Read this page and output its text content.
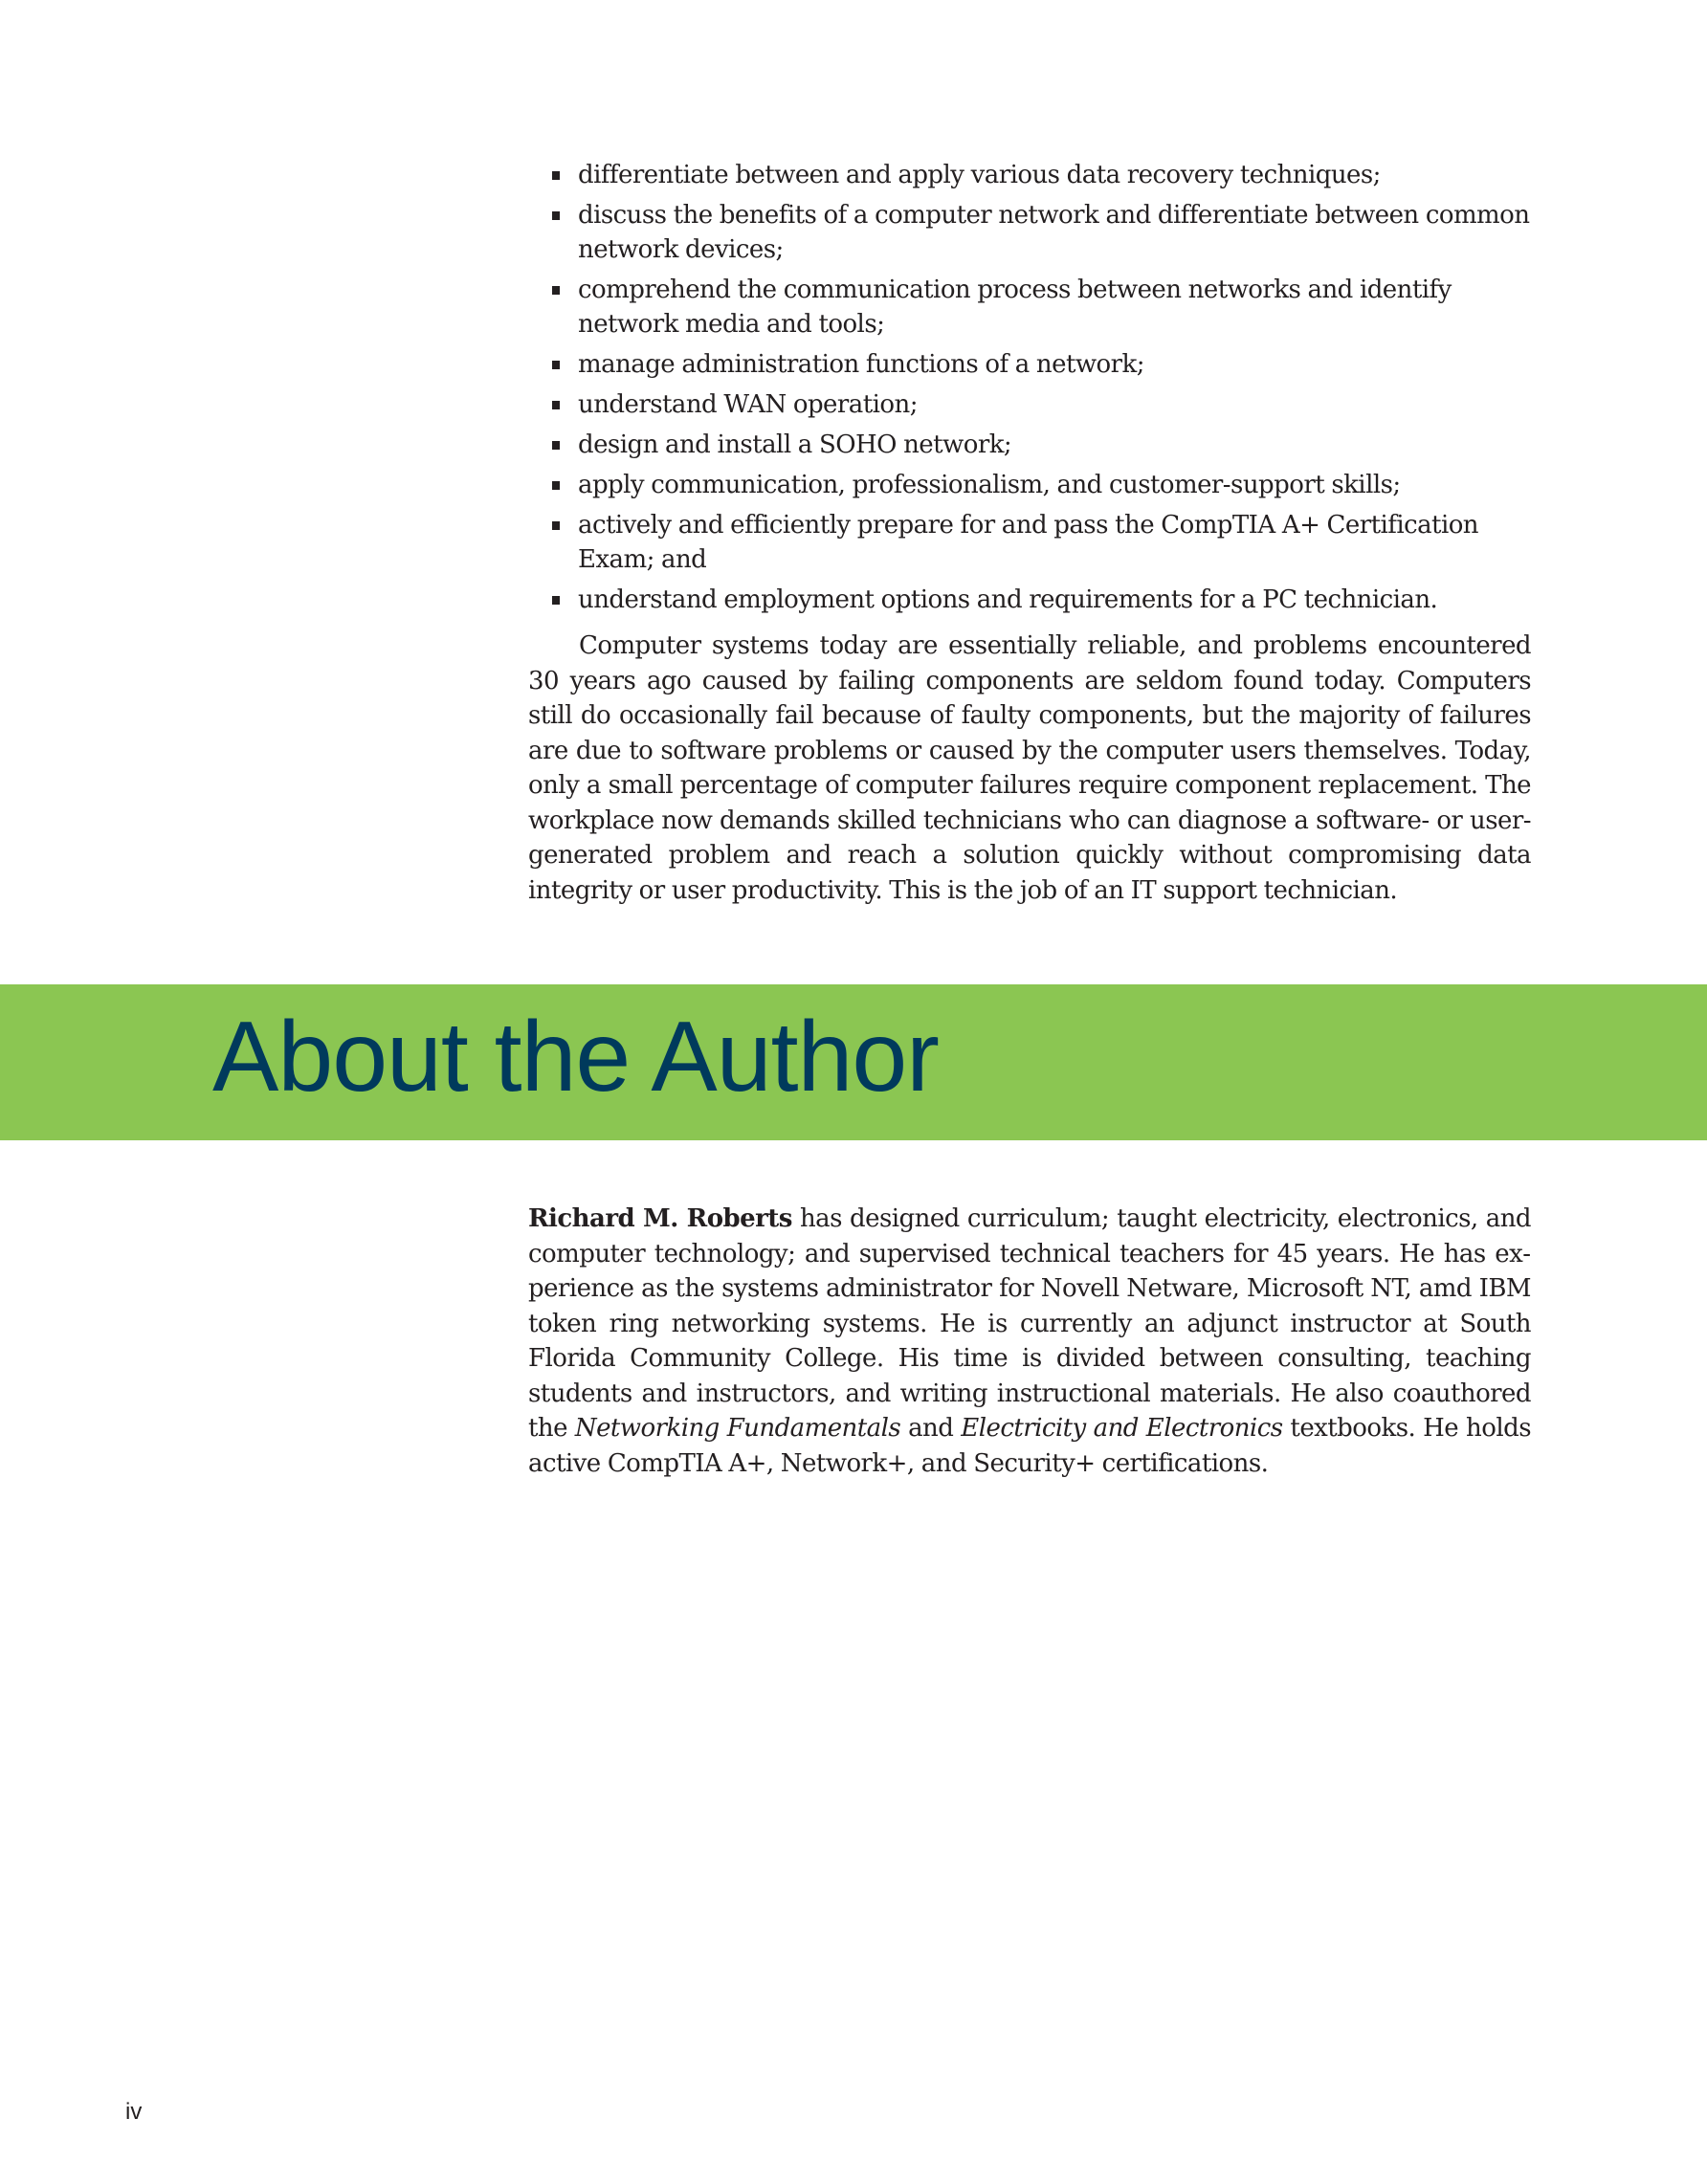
differentiate between and apply various data recovery techniques;
discuss the benefits of a computer network and differentiate between common network devices;
comprehend the communication process between networks and identify network media and tools;
manage administration functions of a network;
understand WAN operation;
design and install a SOHO network;
apply communication, professionalism, and customer-support skills;
actively and efficiently prepare for and pass the CompTIA A+ Certification Exam; and
understand employment options and requirements for a PC technician.

Computer systems today are essentially reliable, and problems encountered 30 years ago caused by failing components are seldom found today. Computers still do occasionally fail because of faulty components, but the majority of failures are due to software problems or caused by the computer users themselves. Today, only a small percentage of computer failures require component replacement. The workplace now demands skilled technicians who can diagnose a software- or user-generated problem and reach a solution quickly without compromising data integrity or user productivity. This is the job of an IT support technician.

About the Author

Richard M. Roberts has designed curriculum; taught electricity, electronics, and computer technology; and supervised technical teachers for 45 years. He has experience as the systems administrator for Novell Netware, Microsoft NT, amd IBM token ring networking systems. He is currently an adjunct instructor at South Florida Community College. His time is divided between consulting, teaching students and instructors, and writing instructional materials. He also coauthored the Networking Fundamentals and Electricity and Electronics textbooks. He holds active CompTIA A+, Network+, and Security+ certifications.

iv
